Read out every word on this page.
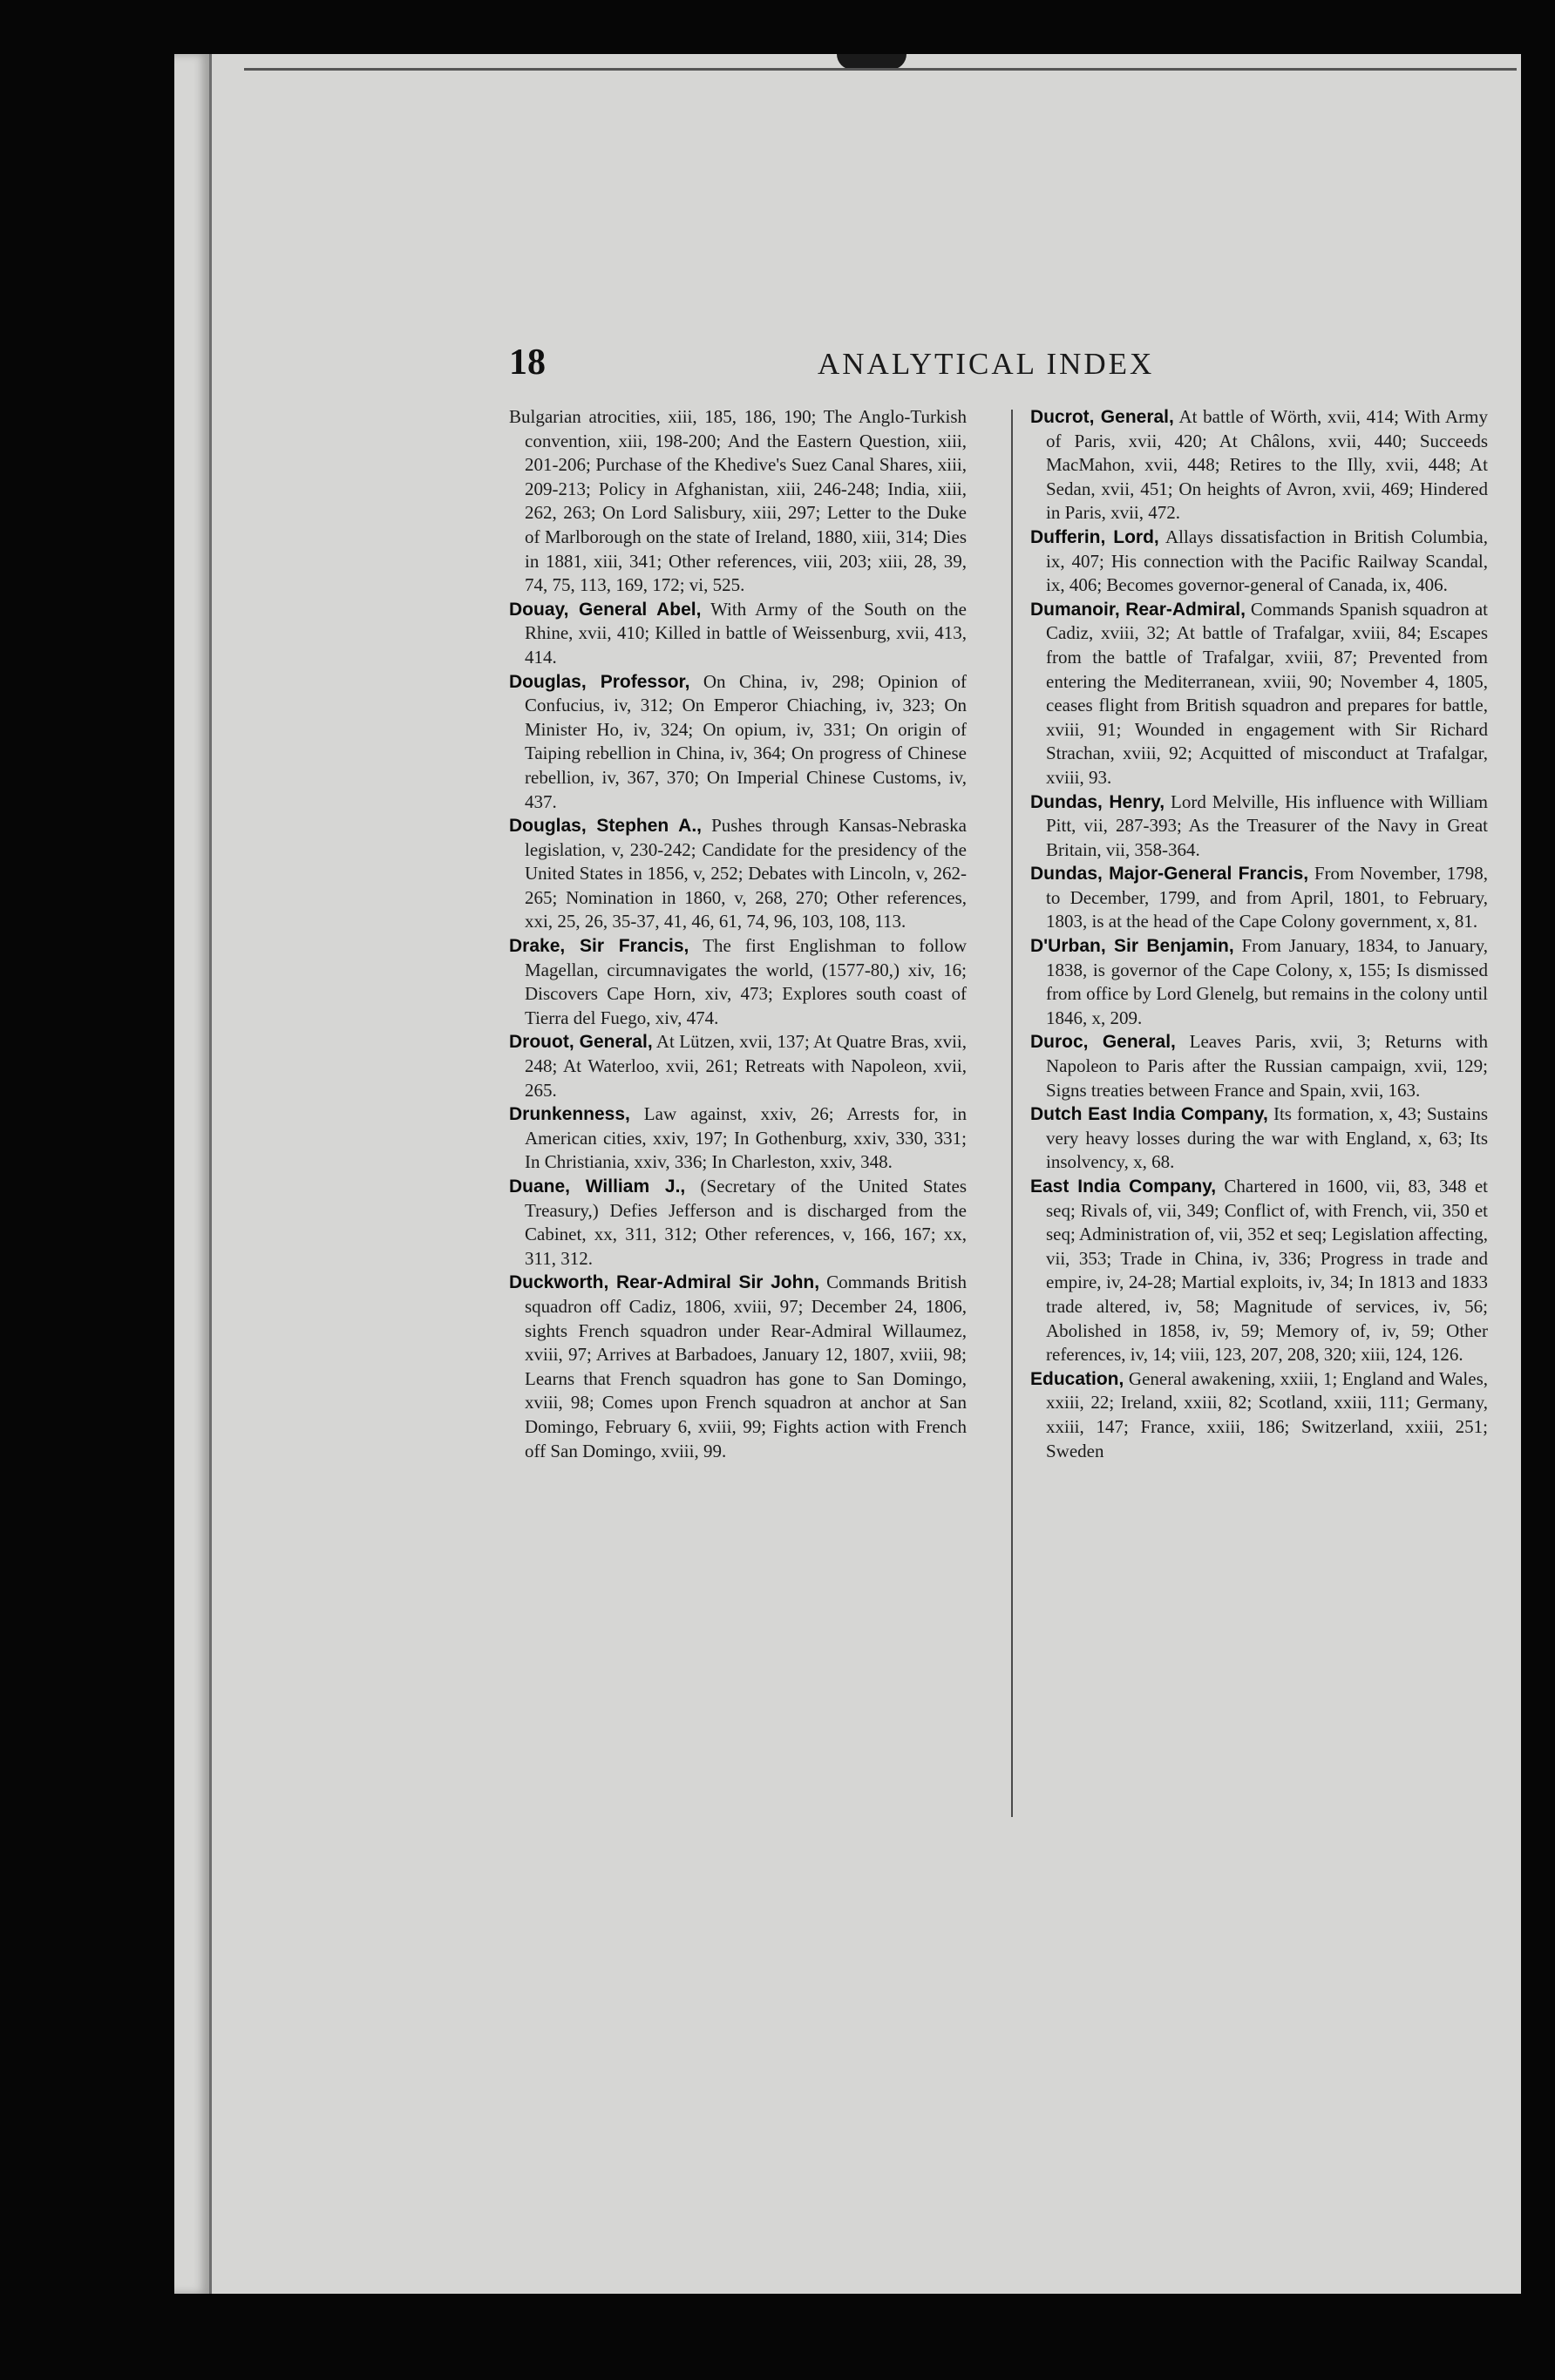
18	ANALYTICAL INDEX
Bulgarian atrocities, xiii, 185, 186, 190; The Anglo-Turkish convention, xiii, 198-200; And the Eastern Question, xiii, 201-206; Purchase of the Khedive's Suez Canal Shares, xiii, 209-213; Policy in Afghanistan, xiii, 246-248; India, xiii, 262, 263; On Lord Salisbury, xiii, 297; Letter to the Duke of Marlborough on the state of Ireland, 1880, xiii, 314; Dies in 1881, xiii, 341; Other references, viii, 203; xiii, 28, 39, 74, 75, 113, 169, 172; vi, 525.
Douay, General Abel, With Army of the South on the Rhine, xvii, 410; Killed in battle of Weissenburg, xvii, 413, 414.
Douglas, Professor, On China, iv, 298; Opinion of Confucius, iv, 312; On Emperor Chiaching, iv, 323; On Minister Ho, iv, 324; On opium, iv, 331; On origin of Taiping rebellion in China, iv, 364; On progress of Chinese rebellion, iv, 367, 370; On Imperial Chinese Customs, iv, 437.
Douglas, Stephen A., Pushes through Kansas-Nebraska legislation, v, 230-242; Candidate for the presidency of the United States in 1856, v, 252; Debates with Lincoln, v, 262-265; Nomination in 1860, v, 268, 270; Other references, xxi, 25, 26, 35-37, 41, 46, 61, 74, 96, 103, 108, 113.
Drake, Sir Francis, The first Englishman to follow Magellan, circumnavigates the world, (1577-80,) xiv, 16; Discovers Cape Horn, xiv, 473; Explores south coast of Tierra del Fuego, xiv, 474.
Drouot, General, At Lützen, xvii, 137; At Quatre Bras, xvii, 248; At Waterloo, xvii, 261; Retreats with Napoleon, xvii, 265.
Drunkenness, Law against, xxiv, 26; Arrests for, in American cities, xxiv, 197; In Gothenburg, xxiv, 330, 331; In Christiania, xxiv, 336; In Charleston, xxiv, 348.
Duane, William J., (Secretary of the United States Treasury,) Defies Jefferson and is discharged from the Cabinet, xx, 311, 312; Other references, v, 166, 167; xx, 311, 312.
Duckworth, Rear-Admiral Sir John, Commands British squadron off Cadiz, 1806, xviii, 97; December 24, 1806, sights French squadron under Rear-Admiral Willaumez, xviii, 97; Arrives at Barbadoes, January 12, 1807, xviii, 98; Learns that French squadron has gone to San Domingo, xviii, 98; Comes upon French squadron at anchor at San Domingo, February 6, xviii, 99; Fights action with French off San Domingo, xviii, 99.
Ducrot, General, At battle of Wörth, xvii, 414; With Army of Paris, xvii, 420; At Châlons, xvii, 440; Succeeds MacMahon, xvii, 448; Retires to the Illy, xvii, 448; At Sedan, xvii, 451; On heights of Avron, xvii, 469; Hindered in Paris, xvii, 472.
Dufferin, Lord, Allays dissatisfaction in British Columbia, ix, 407; His connection with the Pacific Railway Scandal, ix, 406; Becomes governor-general of Canada, ix, 406.
Dumanoir, Rear-Admiral, Commands Spanish squadron at Cadiz, xviii, 32; At battle of Trafalgar, xviii, 84; Escapes from the battle of Trafalgar, xviii, 87; Prevented from entering the Mediterranean, xviii, 90; November 4, 1805, ceases flight from British squadron and prepares for battle, xviii, 91; Wounded in engagement with Sir Richard Strachan, xviii, 92; Acquitted of misconduct at Trafalgar, xviii, 93.
Dundas, Henry, Lord Melville, His influence with William Pitt, vii, 287-393; As the Treasurer of the Navy in Great Britain, vii, 358-364.
Dundas, Major-General Francis, From November, 1798, to December, 1799, and from April, 1801, to February, 1803, is at the head of the Cape Colony government, x, 81.
D'Urban, Sir Benjamin, From January, 1834, to January, 1838, is governor of the Cape Colony, x, 155; Is dismissed from office by Lord Glenelg, but remains in the colony until 1846, x, 209.
Duroc, General, Leaves Paris, xvii, 3; Returns with Napoleon to Paris after the Russian campaign, xvii, 129; Signs treaties between France and Spain, xvii, 163.
Dutch East India Company, Its formation, x, 43; Sustains very heavy losses during the war with England, x, 63; Its insolvency, x, 68.
East India Company, Chartered in 1600, vii, 83, 348 et seq; Rivals of, vii, 349; Conflict of, with French, vii, 350 et seq; Administration of, vii, 352 et seq; Legislation affecting, vii, 353; Trade in China, iv, 336; Progress in trade and empire, iv, 24-28; Martial exploits, iv, 34; In 1813 and 1833 trade altered, iv, 58; Magnitude of services, iv, 56; Abolished in 1858, iv, 59; Memory of, iv, 59; Other references, iv, 14; viii, 123, 207, 208, 320; xiii, 124, 126.
Education, General awakening, xxiii, 1; England and Wales, xxiii, 22; Ireland, xxiii, 82; Scotland, xxiii, 111; Germany, xxiii, 147; France, xxiii, 186; Switzerland, xxiii, 251; Sweden
